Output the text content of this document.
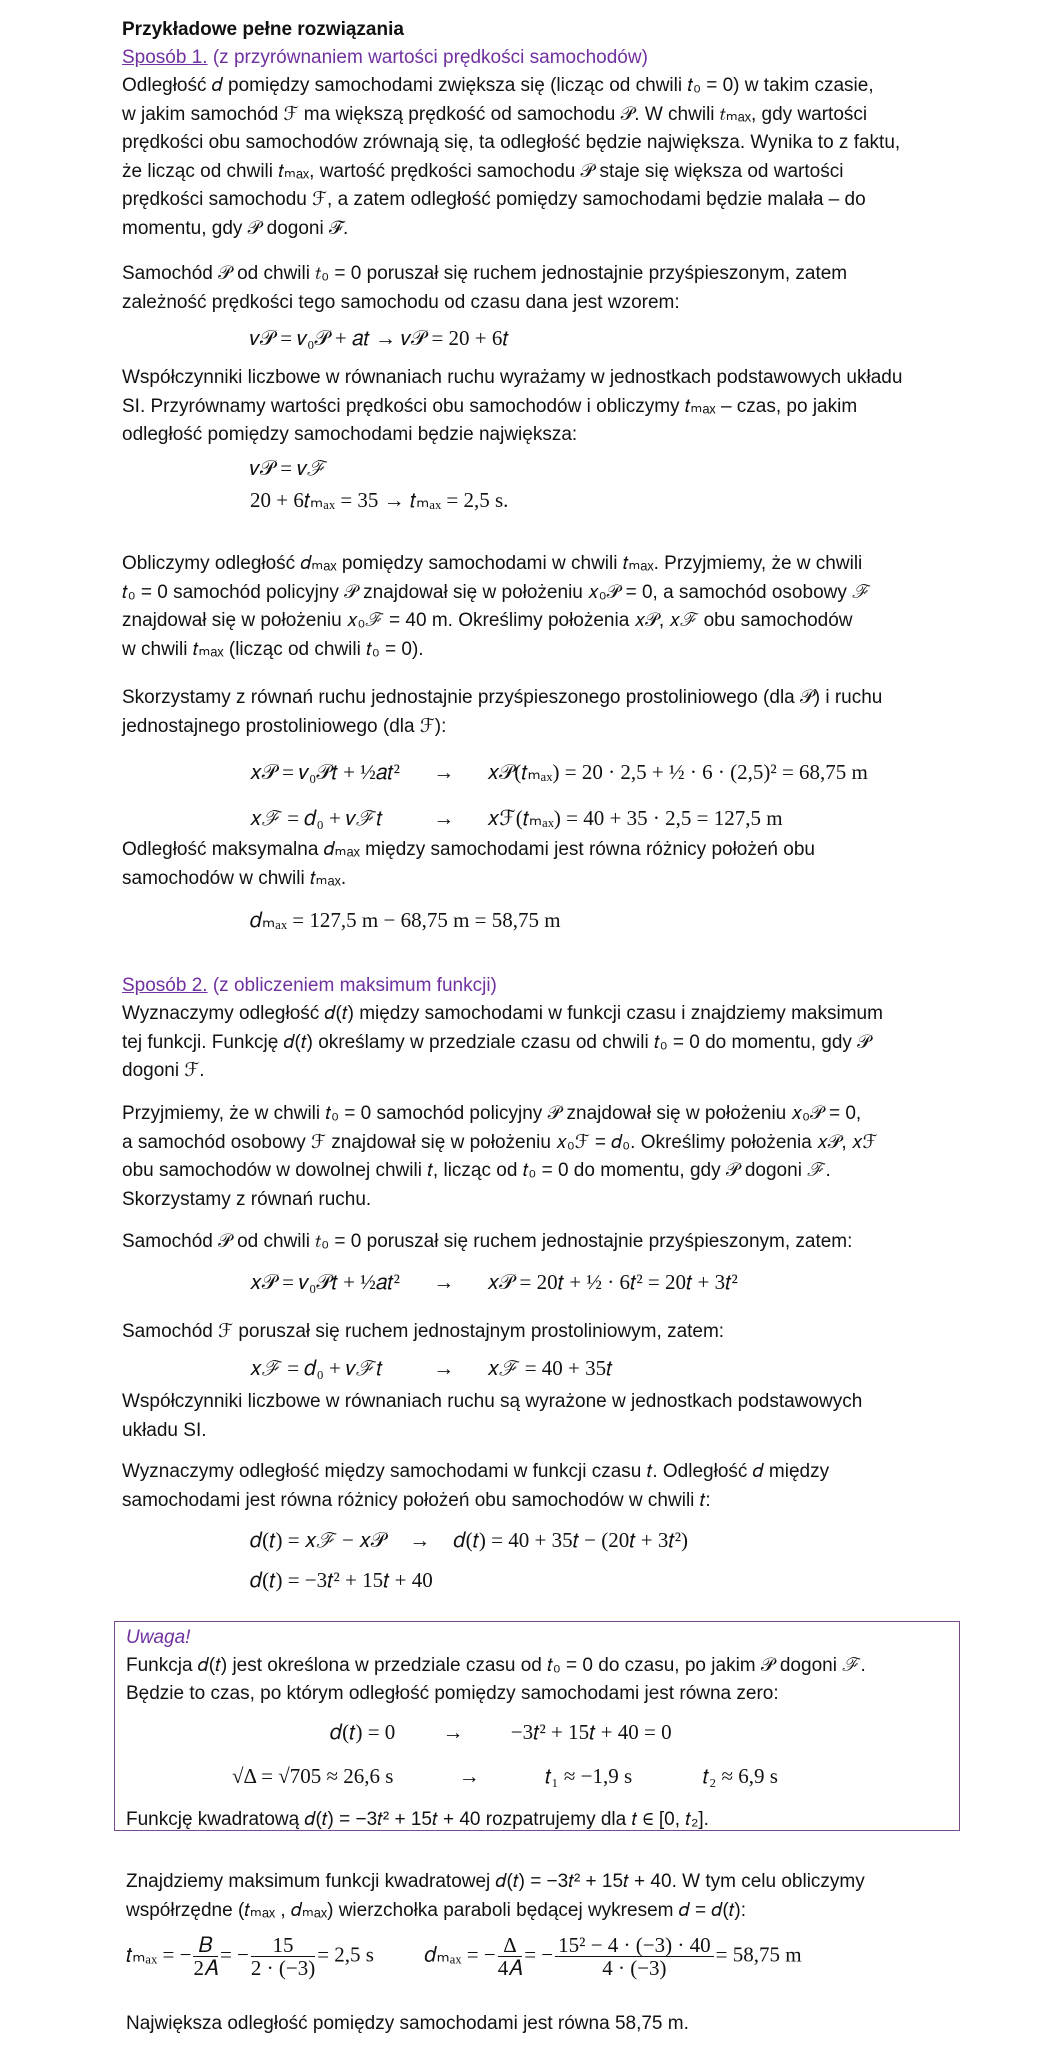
Przykładowe pełne rozwiązania
Sposób 1. (z przyrównaniem wartości prędkości samochodów)
Odległość 𝑑 pomiędzy samochodami zwiększa się (licząc od chwili 𝑡₀ = 0) w takim czasie,
w jakim samochód ℱ ma większą prędkość od samochodu 𝒫. W chwili 𝑡ₘₐₓ, gdy wartości
prędkości obu samochodów zrównają się, ta odległość będzie największa. Wynika to z faktu,
że licząc od chwili 𝑡ₘₐₓ, wartość prędkości samochodu 𝒫 staje się większa od wartości
prędkości samochodu ℱ, a zatem odległość pomiędzy samochodami będzie malała – do
momentu, gdy 𝒫 dogoni ℱ.
Samochód 𝒫 od chwili 𝑡₀ = 0 poruszał się ruchem jednostajnie przyśpieszonym, zatem
zależność prędkości tego samochodu od czasu dana jest wzorem:
𝑣𝒫 = 𝑣₀𝒫 + 𝑎𝑡 → 𝑣𝒫 = 20 + 6𝑡
Współczynniki liczbowe w równaniach ruchu wyrażamy w jednostkach podstawowych układu
SI. Przyrównamy wartości prędkości obu samochodów i obliczymy 𝑡ₘₐₓ – czas, po jakim
odległość pomiędzy samochodami będzie największa:
𝑣𝒫 = 𝑣ℱ
20 + 6𝑡ₘₐₓ = 35 → 𝑡ₘₐₓ = 2,5 s.
Obliczymy odległość 𝑑ₘₐₓ pomiędzy samochodami w chwili 𝑡ₘₐₓ. Przyjmiemy, że w chwili
𝑡₀ = 0 samochód policyjny 𝒫 znajdował się w położeniu 𝑥₀𝒫 = 0, a samochód osobowy ℱ
znajdował się w położeniu 𝑥₀ℱ = 40 m. Określimy położenia 𝑥𝒫, 𝑥ℱ obu samochodów
w chwili 𝑡ₘₐₓ (licząc od chwili 𝑡₀ = 0).
Skorzystamy z równań ruchu jednostajnie przyśpieszonego prostoliniowego (dla 𝒫) i ruchu
jednostajnego prostoliniowego (dla ℱ):
𝑥𝒫 = 𝑣₀𝒫𝑡 + ½𝑎𝑡² → 𝑥𝒫(𝑡ₘₐₓ) = 20 · 2,5 + ½ · 6 · (2,5)² = 68,75 m
𝑥ℱ = 𝑑₀ + 𝑣ℱ𝑡 → 𝑥ℱ(𝑡ₘₐₓ) = 40 + 35 · 2,5 = 127,5 m
Odległość maksymalna 𝑑ₘₐₓ między samochodami jest równa różnicy położeń obu
samochodów w chwili 𝑡ₘₐₓ.
𝑑ₘₐₓ = 127,5 m − 68,75 m = 58,75 m
Sposób 2. (z obliczeniem maksimum funkcji)
Wyznaczymy odległość 𝑑(𝑡) między samochodami w funkcji czasu i znajdziemy maksimum
tej funkcji. Funkcję 𝑑(𝑡) określamy w przedziale czasu od chwili 𝑡₀ = 0 do momentu, gdy 𝒫
dogoni ℱ.
Przyjmiemy, że w chwili 𝑡₀ = 0 samochód policyjny 𝒫 znajdował się w położeniu 𝑥₀𝒫 = 0,
a samochód osobowy ℱ znajdował się w położeniu 𝑥₀ℱ = 𝑑₀. Określimy położenia 𝑥𝒫, 𝑥ℱ
obu samochodów w dowolnej chwili 𝑡, licząc od 𝑡₀ = 0 do momentu, gdy 𝒫 dogoni ℱ.
Skorzystamy z równań ruchu.
Samochód 𝒫 od chwili 𝑡₀ = 0 poruszał się ruchem jednostajnie przyśpieszonym, zatem:
𝑥𝒫 = 𝑣₀𝒫𝑡 + ½𝑎𝑡² → 𝑥𝒫 = 20𝑡 + ½ · 6𝑡² = 20𝑡 + 3𝑡²
Samochód ℱ poruszał się ruchem jednostajnym prostoliniowym, zatem:
𝑥ℱ = 𝑑₀ + 𝑣ℱ𝑡 → 𝑥ℱ = 40 + 35𝑡
Współczynniki liczbowe w równaniach ruchu są wyrażone w jednostkach podstawowych
układu SI.
Wyznaczymy odległość między samochodami w funkcji czasu 𝑡. Odległość 𝑑 między
samochodami jest równa różnicy położeń obu samochodów w chwili 𝑡:
𝑑(𝑡) = 𝑥ℱ − 𝑥𝒫 → 𝑑(𝑡) = 40 + 35𝑡 − (20𝑡 + 3𝑡²)
𝑑(𝑡) = −3𝑡² + 15𝑡 + 40
Uwaga!
Funkcja 𝑑(𝑡) jest określona w przedziale czasu od 𝑡₀ = 0 do czasu, po jakim 𝒫 dogoni ℱ.
Będzie to czas, po którym odległość pomiędzy samochodami jest równa zero:
𝑑(𝑡) = 0 → −3𝑡² + 15𝑡 + 40 = 0
√Δ = √705 ≈ 26,6 s	→	𝑡₁ ≈ −1,9 s	𝑡₂ ≈ 6,9 s
Funkcję kwadratową 𝑑(𝑡) = −3𝑡² + 15𝑡 + 40 rozpatrujemy dla 𝑡 ∈ [0, 𝑡₂].
Znajdziemy maksimum funkcji kwadratowej 𝑑(𝑡) = −3𝑡² + 15𝑡 + 40. W tym celu obliczymy
współrzędne (𝑡ₘₐₓ , 𝑑ₘₐₓ) wierzchołka paraboli będącej wykresem 𝑑 = 𝑑(𝑡):
𝑡ₘₐₓ = − $\frac{\text{𝐵}}{\text{2𝐴}}$ = − $\frac{15}{2 \cdot (-3)} = 2,5$ s 𝑑ₘₐₓ = − $\frac{\Delta}{\text{4𝐴}}$ = − $\frac{\text{15² − 4 · (−3) · 40}}{4 \cdot (-3)} = 58,75$ m
Największa odległość pomiędzy samochodami jest równa 58,75 m.
